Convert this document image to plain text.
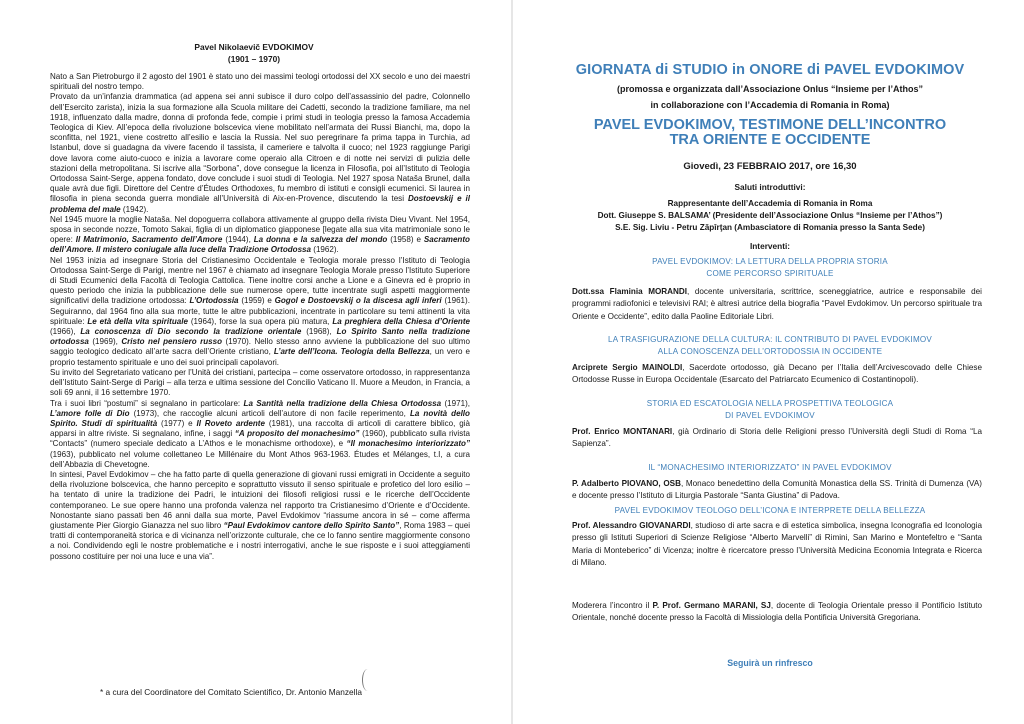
Pavel Nikolaevič EVDOKIMOV
(1901 – 1970)

Nato a San Pietroburgo il 2 agosto del 1901 è stato uno dei massimi teologi ortodossi del XX secolo e uno dei maestri spirituali del nostro tempo.

Provato da un’infanzia drammatica (ad appena sei anni subisce il duro colpo dell’assassinio del padre, Colonnello dell’Esercito zarista), inizia la sua formazione alla Scuola militare dei Cadetti, secondo la tradizione familiare, ma nel 1918, influenzato dalla madre, donna di profonda fede, compie i primi studi in teologia presso la famosa Accademia Teologica di Kiev. All’epoca della rivoluzione bolscevica viene mobilitato nell’armata dei Russi Bianchi, ma, dopo la sconfitta, nel 1921, viene costretto all’esilio e lascia la Russia. Nel suo peregrinare fa prima tappa in Turchia, ad Istanbul, dove si guadagna da vivere facendo il tassista, il cameriere e talvolta il cuoco; nel 1923 raggiunge Parigi dove lavora come aiuto-cuoco e inizia a lavorare come operaio alla Citroen e di notte nei servizi di pulizia delle stazioni della metropolitana. Si iscrive alla “Sorbona”, dove consegue la licenza in Filosofia, poi all’Istituto di Teologia Ortodossa Saint-Serge, appena fondato, dove conclude i suoi studi di Teologia. Nel 1927 sposa Nataša Brunel, dalla quale avrà due figli. Direttore del Centre d’Études Orthodoxes, fu membro di istituti e consigli ecumenici. Si laurea in filosofia in piena seconda guerra mondiale all’Università di Aix-en-Provence, discutendo la tesi Dostoevskij e il problema del male (1942).

Nel 1945 muore la moglie Nataša. Nel dopoguerra collabora attivamente al gruppo della rivista Dieu Vivant. Nel 1954, sposa in seconde nozze, Tomoto Sakai, figlia di un diplomatico giapponese [legate alla sua vita matrimoniale sono le opere: Il Matrimonio, Sacramento dell’Amore (1944), La donna e la salvezza del mondo (1958) e Sacramento dell’Amore. Il mistero coniugale alla luce della Tradizione Ortodossa (1962).

Nel 1953 inizia ad insegnare Storia del Cristianesimo Occidentale e Teologia morale presso l’Istituto di Teologia Ortodossa Saint-Serge di Parigi, mentre nel 1967 è chiamato ad insegnare Teologia Morale presso l’Istituto Superiore di Studi Ecumenici della Facoltà di Teologia Cattolica. Tiene inoltre corsi anche a Lione e a Ginevra ed è proprio in questo periodo che inizia la pubblicazione delle sue numerose opere, tutte incentrate sugli aspetti maggiormente significativi della tradizione ortodossa: L’Ortodossia (1959) e Gogol e Dostoevskij o la discesa agli inferi (1961). Seguiranno, dal 1964 fino alla sua morte, tutte le altre pubblicazioni, incentrate in particolare su temi attinenti la vita spirituale: Le età della vita spirituale (1964), forse la sua opera più matura, La preghiera della Chiesa d’Oriente (1966), La conoscenza di Dio secondo la tradizione orientale (1968), Lo Spirito Santo nella tradizione ortodossa (1969), Cristo nel pensiero russo (1970). Nello stesso anno avviene la pubblicazione del suo ultimo saggio teologico dedicato all’arte sacra dell’Oriente cristiano, L’arte dell’Icona. Teologia della Bellezza, un vero e proprio testamento spirituale e uno dei suoi principali capolavori.

Su invito del Segretariato vaticano per l’Unità dei cristiani, partecipa – come osservatore ortodosso, in rappresentanza dell’Istituto Saint-Serge di Parigi – alla terza e ultima sessione del Concilio Vaticano II. Muore a Meudon, in Francia, a soli 69 anni, il 16 settembre 1970.

Tra i suoi libri “postumi” si segnalano in particolare: La Santità nella tradizione della Chiesa Ortodossa (1971), L’amore folle di Dio (1973), che raccoglie alcuni articoli dell’autore di non facile reperimento, La novità dello Spirito. Studi di spiritualità (1977) e Il Roveto ardente (1981), una raccolta di articoli di carattere biblico, già apparsi in altre riviste. Si segnalano, infine, i saggi “A proposito del monachesimo” (1960), pubblicato sulla rivista “Contacts” (numero speciale dedicato a L’Athos e le monachisme orthodoxe), e “Il monachesimo interiorizzato” (1963), pubblicato nel volume collettaneo Le Millénaire du Mont Athos 963-1963. Études et Mélanges, t.I, a cura dell’Abbazia di Chevetogne.

In sintesi, Pavel Evdokimov – che ha fatto parte di quella generazione di giovani russi emigrati in Occidente a seguito della rivoluzione bolscevica, che hanno percepito e soprattutto vissuto il senso spirituale e profetico del loro esilio – ha tentato di unire la tradizione dei Padri, le intuizioni dei filosofi religiosi russi e le ricerche dell’Occidente contemporaneo. Le sue opere hanno una profonda valenza nel rapporto tra Cristianesimo d’Oriente e d’Occidente. Nonostante siano passati ben 46 anni dalla sua morte, Pavel Evdokimov “riassume ancora in sé – come afferma giustamente Pier Giorgio Gianazza nel suo libro “Paul Evdokimov cantore dello Spirito Santo”, Roma 1983 – quei tratti di contemporaneità storica e di vicinanza nell’orizzonte culturale, che ce lo fanno sentire maggiormente consono a noi. Condividendo egli le nostre problematiche e i nostri interrogativi, anche le sue risposte e i suoi atteggiamenti possono costituire per noi una luce e una via”.

* a cura del Coordinatore del Comitato Scientifico, Dr. Antonio Manzella
GIORNATA di STUDIO in ONORE di PAVEL EVDOKIMOV
(promossa e organizzata dall’Associazione Onlus “Insieme per l’Athos”
in collaborazione con l’Accademia di Romania in Roma)
PAVEL EVDOKIMOV, TESTIMONE DELL’INCONTRO
TRA ORIENTE E OCCIDENTE
Giovedì, 23 FEBBRAIO 2017, ore 16,30
Saluti introduttivi:
Rappresentante dell’Accademia di Romania in Roma
Dott. Giuseppe S. BALSAMA’ (Presidente dell’Associazione Onlus “Insieme per l’Athos”)
S.E. Sig. Liviu - Petru Zăpîrţan (Ambasciatore di Romania presso la Santa Sede)
Interventi:
PAVEL EVDOKIMOV: LA LETTURA DELLA PROPRIA STORIA
COME PERCORSO SPIRITUALE
Dott.ssa Flaminia MORANDI, docente universitaria, scrittrice, sceneggiatrice, autrice e responsabile dei programmi radiofonici e televisivi RAI; è altresì autrice della biografia “Pavel Evdokimov. Un percorso spirituale tra Oriente e Occidente”, edito dalla Paoline Editoriale Libri.
LA TRASFIGURAZIONE DELLA CULTURA: IL CONTRIBUTO DI PAVEL EVDOKIMOV
ALLA CONOSCENZA DELL’ORTODOSSIA IN OCCIDENTE
Arciprete Sergio MAINOLDI, Sacerdote ortodosso, già Decano per l’Italia dell’Arcivescovado delle Chiese Ortodosse Russe in Europa Occidentale (Esarcato del Patriarcato Ecumenico di Costantinopoli).
STORIA ED ESCATOLOGIA NELLA PROSPETTIVA TEOLOGICA
DI PAVEL EVDOKIMOV
Prof. Enrico MONTANARI, già Ordinario di Storia delle Religioni presso l’Università degli Studi di Roma “La Sapienza”.
IL “MONACHESIMO INTERIORIZZATO” IN PAVEL EVDOKIMOV
P. Adalberto PIOVANO, OSB, Monaco benedettino della Comunità Monastica della SS. Trinità di Dumenza (VA) e docente presso l’Istituto di Liturgia Pastorale “Santa Giustina” di Padova.
PAVEL EVDOKIMOV TEOLOGO DELL’ICONA E INTERPRETE DELLA BELLEZZA
Prof. Alessandro GIOVANARDI, studioso di arte sacra e di estetica simbolica, insegna Iconografia ed Iconologia presso gli Istituti Superiori di Scienze Religiose “Alberto Marvelli” di Rimini, San Marino e Montefeltro e “Santa Maria di Monteberico” di Vicenza; inoltre è ricercatore presso l’Università Medicina Economia Integrata e Ricerca di Milano.
Moderera l’incontro il P. Prof. Germano MARANI, SJ, docente di Teologia Orientale presso il Pontificio Istituto Orientale, nonché docente presso la Facoltà di Missiologia della Pontificia Università Gregoriana.
Seguirà un rinfresco
